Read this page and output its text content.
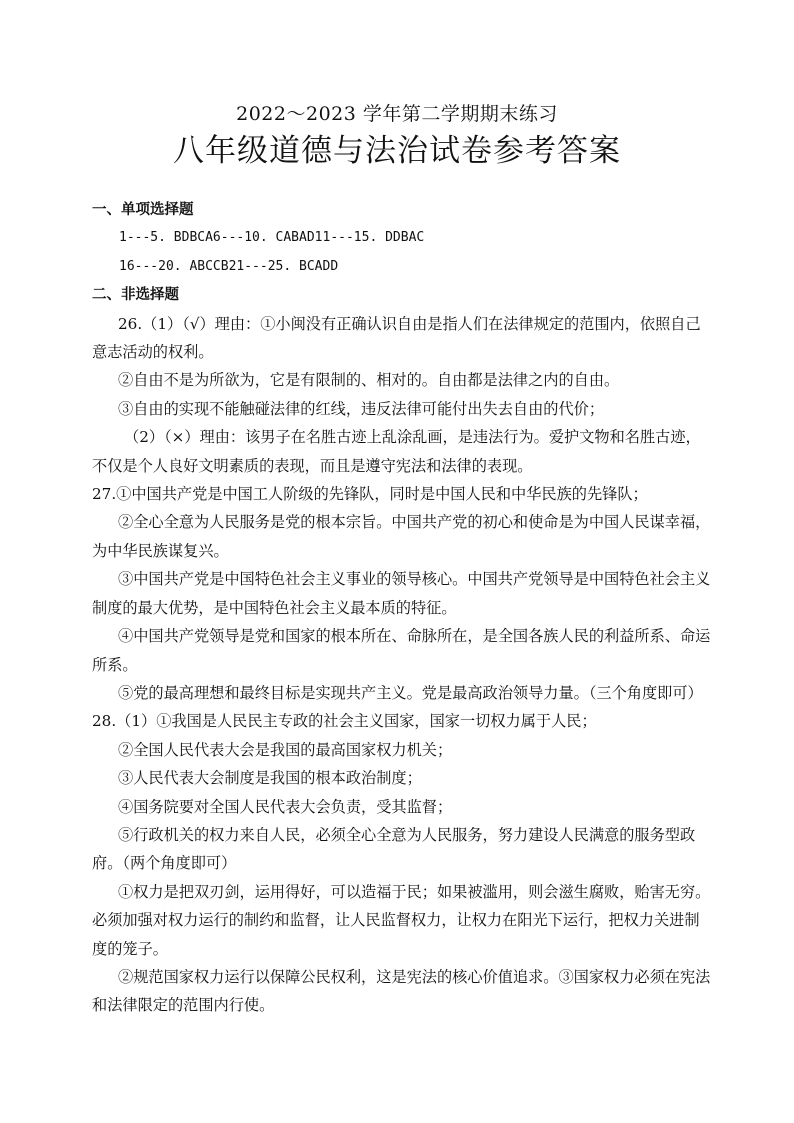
2022～2023 学年第二学期期末练习
八年级道德与法治试卷参考答案
一、单项选择题
1---5. BDBCA6---10. CABAD11---15. DDBAC
16---20. ABCCB21---25. BCADD
二、非选择题

26.（1）（√）理由：①小闽没有正确认识自由是指人们在法律规定的范围内，依照自己意志活动的权利。

②自由不是为所欲为，它是有限制的、相对的。自由都是法律之内的自由。

③自由的实现不能触碰法律的红线，违反法律可能付出失去自由的代价；

（2）（×）理由：该男子在名胜古迹上乱涂乱画，是违法行为。爱护文物和名胜古迹，不仅是个人良好文明素质的表现，而且是遵守宪法和法律的表现。

27.①中国共产党是中国工人阶级的先锋队，同时是中国人民和中华民族的先锋队；

②全心全意为人民服务是党的根本宗旨。中国共产党的初心和使命是为中国人民谋幸福，为中华民族谋复兴。

③中国共产党是中国特色社会主义事业的领导核心。中国共产党领导是中国特色社会主义制度的最大优势，是中国特色社会主义最本质的特征。

④中国共产党领导是党和国家的根本所在、命脉所在，是全国各族人民的利益所系、命运所系。

⑤党的最高理想和最终目标是实现共产主义。党是最高政治领导力量。（三个角度即可）

28.（1）①我国是人民民主专政的社会主义国家，国家一切权力属于人民；

②全国人民代表大会是我国的最高国家权力机关；

③人民代表大会制度是我国的根本政治制度；

④国务院要对全国人民代表大会负责，受其监督；

⑤行政机关的权力来自人民，必须全心全意为人民服务，努力建设人民满意的服务型政府。（两个角度即可）

①权力是把双刃剑，运用得好，可以造福于民；如果被滥用，则会滋生腐败，贻害无穷。必须加强对权力运行的制约和监督，让人民监督权力，让权力在阳光下运行，把权力关进制度的笼子。

②规范国家权力运行以保障公民权利，这是宪法的核心价值追求。③国家权力必须在宪法和法律限定的范围内行使。
